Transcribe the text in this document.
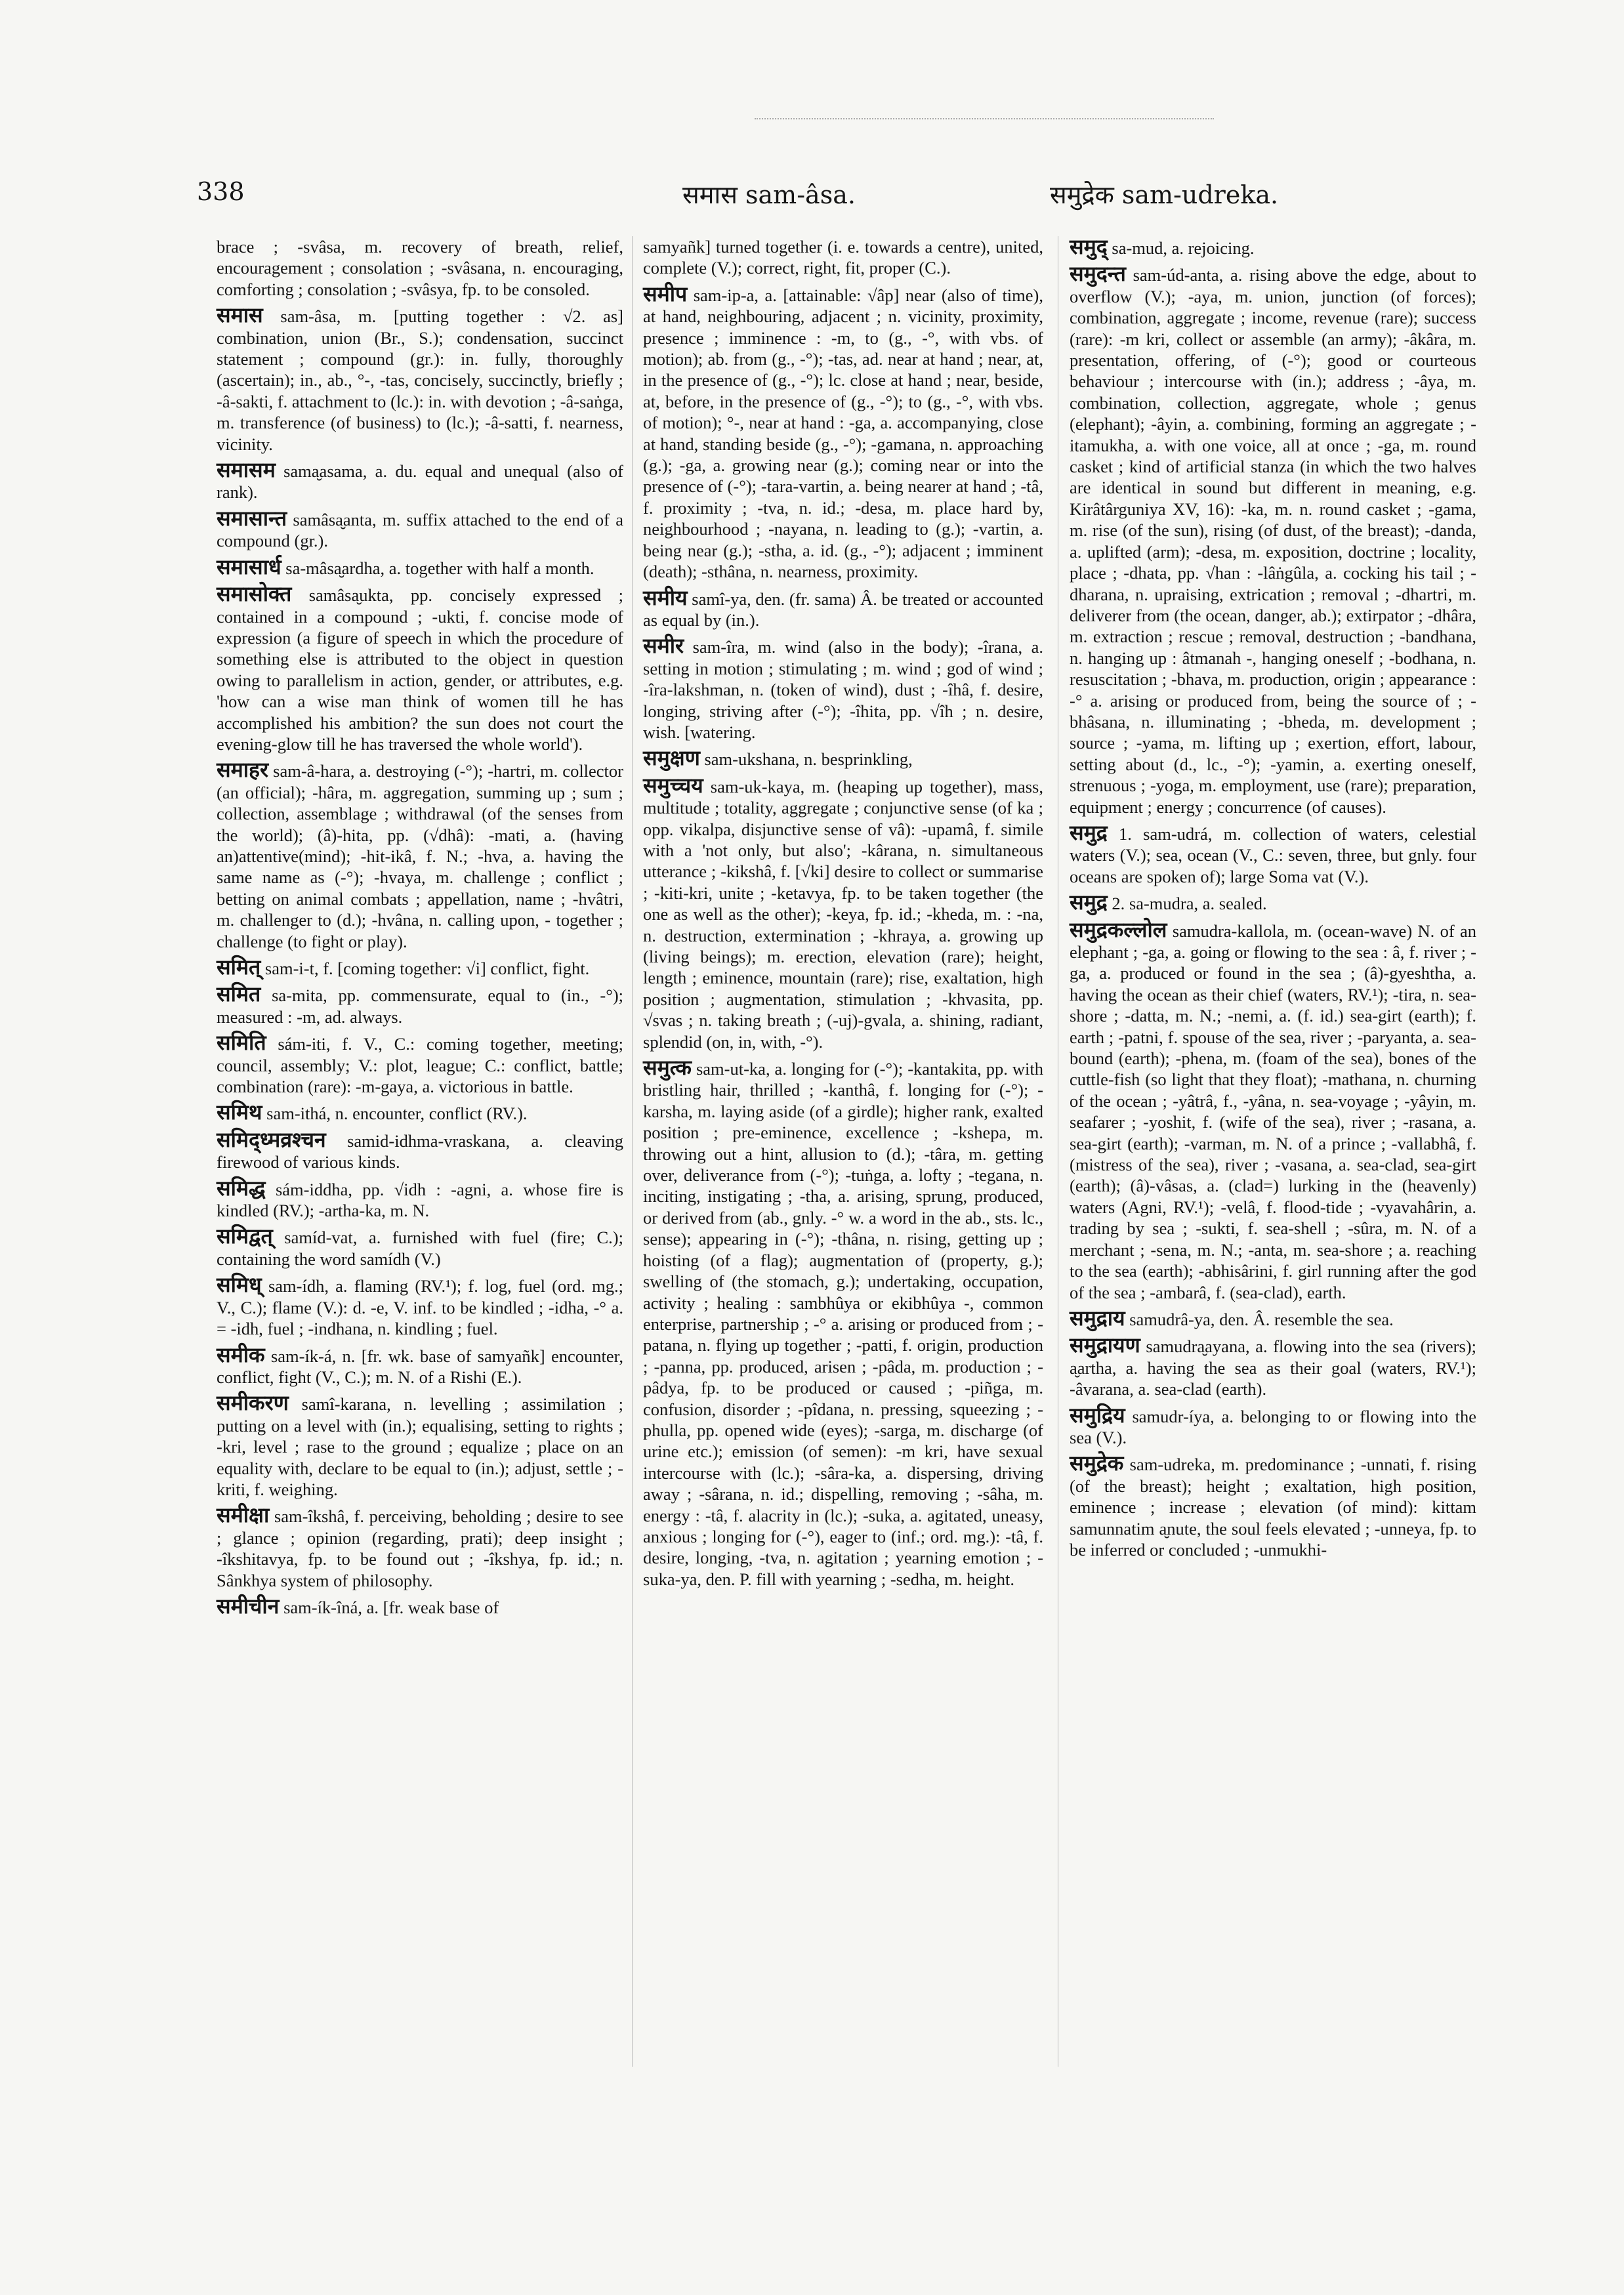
338	समास sam-âsa.	समुद्रेक sam-udreka.

brace ; -svâsa, m. recovery of breath, relief, encouragement ; consolation ; -svâsana, n. encouraging, comforting ; consolation ; -svâsya, fp. to be consoled.

समास sam-âsa, m. [putting together : √2. as] combination, union (Br., S.); condensation, succinct statement ; compound (gr.): in. fully, thoroughly (ascertain); in., ab., °-, -tas, concisely, succinctly, briefly ; -â-sakti, f. attachment to (lc.): in. with devotion ; -â-saṅga, m. transference (of business) to (lc.); -â-satti, f. nearness, vicinity.

समासम sama̮asama, a. du. equal and unequal (also of rank).

समासान्त samâsa̮anta, m. suffix attached to the end of a compound (gr.).

समासार्ध sa-mâsa̮ardha, a. together with half a month.

समासोक्त samâsa̮ukta, pp. concisely expressed ; contained in a compound ; -ukti, f. concise mode of expression (a figure of speech in which the procedure of something else is attributed to the object in question owing to parallelism in action, gender, or attributes, e.g. 'how can a wise man think of women till he has accomplished his ambition? the sun does not court the evening-glow till he has traversed the whole world').

समाहर sam-â-hara, a. destroying (-°); -hartri, m. collector (an official); -hâra, m. aggregation, summing up ; sum ; collection, assemblage ; withdrawal (of the senses from the world); (â)-hita, pp. (√dhâ): -mati, a. (having an)attentive(mind); -hit-ikâ, f. N.; -hva, a. having the same name as (-°); -hvaya, m. challenge ; conflict ; betting on animal combats ; appellation, name ; -hvâtri, m. challenger to (d.); -hvâna, n. calling upon, - together ; challenge (to fight or play).

समित् sam-i-t, f. [coming together: √i] conflict, fight.

समित sa-mita, pp. commensurate, equal to (in., -°); measured : -m, ad. always.

समिति sám-iti, f. V., C.: coming together, meeting; council, assembly; V.: plot, league; C.: conflict, battle; combination (rare): -m-gaya, a. victorious in battle.

समिथ sam-ithá, n. encounter, conflict (RV.).

समिद्ध्मव्रश्चन samid-idhma-vraskana, a. cleaving firewood of various kinds.

समिद्ध sám-iddha, pp. √idh : -agni, a. whose fire is kindled (RV.); -artha-ka, m. N.

समिद्वत् samíd-vat, a. furnished with fuel (fire; C.); containing the word samídh (V.)

समिध् sam-ídh, a. flaming (RV.¹); f. log, fuel (ord. mg.; V., C.); flame (V.): d. -e, V. inf. to be kindled ; -idha, -° a. = -idh, fuel ; -indhana, n. kindling ; fuel.

समीक sam-ík-á, n. [fr. wk. base of samyañk] encounter, conflict, fight (V., C.); m. N. of a Rishi (E.).

समीकरण samî-karana, n. levelling ; assimilation ; putting on a level with (in.); equalising, setting to rights ; -kri, level ; rase to the ground ; equalize ; place on an equality with, declare to be equal to (in.); adjust, settle ; -kriti, f. weighing.

समीक्षा sam-îkshâ, f. perceiving, beholding ; desire to see ; glance ; opinion (regarding, prati); deep insight ; -îkshitavya, fp. to be found out ; -îkshya, fp. id.; n. Sânkhya system of philosophy.

समीचीन sam-ík-îná, a. [fr. weak base of

samyañk] turned together (i. e. towards a centre), united, complete (V.); correct, right, fit, proper (C.).

समीप sam-ip-a, a. [attainable: √âp] near (also of time), at hand, neighbouring, adjacent ; n. vicinity, proximity, presence ; imminence : -m, to (g., -°, with vbs. of motion); ab. from (g., -°); -tas, ad. near at hand ; near, at, in the presence of (g., -°); lc. close at hand ; near, beside, at, before, in the presence of (g., -°); to (g., -°, with vbs. of motion); °-, near at hand : -ga, a. accompanying, close at hand, standing beside (g., -°); -gamana, n. approaching (g.); -ga, a. growing near (g.); coming near or into the presence of (-°); -tara-vartin, a. being nearer at hand ; -tâ, f. proximity ; -tva, n. id.; -desa, m. place hard by, neighbourhood ; -nayana, n. leading to (g.); -vartin, a. being near (g.); -stha, a. id. (g., -°); adjacent ; imminent (death); -sthâna, n. nearness, proximity.

समीय samî-ya, den. (fr. sama) Â. be treated or accounted as equal by (in.).

समीर sam-îra, m. wind (also in the body); -îrana, a. setting in motion ; stimulating ; m. wind ; god of wind ; -îra-lakshman, n. (token of wind), dust ; -îhâ, f. desire, longing, striving after (-°); -îhita, pp. √îh ; n. desire, wish. [watering.

समुक्षण sam-ukshana, n. besprinkling,

समुच्चय sam-uk-kaya, m. (heaping up together), mass, multitude ; totality, aggregate ; conjunctive sense (of ka ; opp. vikalpa, disjunctive sense of vâ): -upamâ, f. simile with a 'not only, but also'; -kârana, n. simultaneous utterance ; -kikshâ, f. [√ki] desire to collect or summarise ; -kiti-kri, unite ; -ketavya, fp. to be taken together (the one as well as the other); -keya, fp. id.; -kheda, m. : -na, n. destruction, extermination ; -khraya, a. growing up (living beings); m. erection, elevation (rare); height, length ; eminence, mountain (rare); rise, exaltation, high position ; augmentation, stimulation ; -khvasita, pp. √svas ; n. taking breath ; (-uj)-gvala, a. shining, radiant, splendid (on, in, with, -°).

समुत्क sam-ut-ka, a. longing for (-°); -kantakita, pp. with bristling hair, thrilled ; -kanthâ, f. longing for (-°); -karsha, m. laying aside (of a girdle); higher rank, exalted position ; pre-eminence, excellence ; -kshepa, m. throwing out a hint, allusion to (d.); -târa, m. getting over, deliverance from (-°); -tuṅga, a. lofty ; -tegana, n. inciting, instigating ; -tha, a. arising, sprung, produced, or derived from (ab., gnly. -° w. a word in the ab., sts. lc., sense); appearing in (-°); -thâna, n. rising, getting up ; hoisting (of a flag); augmentation of (property, g.); swelling of (the stomach, g.); undertaking, occupation, activity ; healing : sambhûya or ekibhûya -, common enterprise, partnership ; -° a. arising or produced from ; -patana, n. flying up together ; -patti, f. origin, production ; -panna, pp. produced, arisen ; -pâda, m. production ; -pâdya, fp. to be produced or caused ; -piñga, m. confusion, disorder ; -pîdana, n. pressing, squeezing ; -phulla, pp. opened wide (eyes); -sarga, m. discharge (of urine etc.); emission (of semen): -m kri, have sexual intercourse with (lc.); -sâra-ka, a. dispersing, driving away ; -sârana, n. id.; dispelling, removing ; -sâha, m. energy : -tâ, f. alacrity in (lc.); -suka, a. agitated, uneasy, anxious ; longing for (-°), eager to (inf.; ord. mg.): -tâ, f. desire, longing, -tva, n. agitation ; yearning emotion ; -suka-ya, den. P. fill with yearning ; -sedha, m. height.

समुद् sa-mud, a. rejoicing.

समुदन्त sam-úd-anta, a. rising above the edge, about to overflow (V.); -aya, m. union, junction (of forces); combination, aggregate ; income, revenue (rare); success (rare): -m kri, collect or assemble (an army); -âkâra, m. presentation, offering, of (-°); good or courteous behaviour ; intercourse with (in.); address ; -âya, m. combination, collection, aggregate, whole ; genus (elephant); -âyin, a. combining, forming an aggregate ; -itamukha, a. with one voice, all at once ; -ga, m. round casket ; kind of artificial stanza (in which the two halves are identical in sound but different in meaning, e.g. Kirâtârguniya XV, 16): -ka, m. n. round casket ; -gama, m. rise (of the sun), rising (of dust, of the breast); -danda, a. uplifted (arm); -desa, m. exposition, doctrine ; locality, place ; -dhata, pp. √han : -lâṅgûla, a. cocking his tail ; -dharana, n. upraising, extrication ; removal ; -dhartri, m. deliverer from (the ocean, danger, ab.); extirpator ; -dhâra, m. extraction ; rescue ; removal, destruction ; -bandhana, n. hanging up : âtmanah -, hanging oneself ; -bodhana, n. resuscitation ; -bhava, m. production, origin ; appearance : -° a. arising or produced from, being the source of ; -bhâsana, n. illuminating ; -bheda, m. development ; source ; -yama, m. lifting up ; exertion, effort, labour, setting about (d., lc., -°); -yamin, a. exerting oneself, strenuous ; -yoga, m. employment, use (rare); preparation, equipment ; energy ; concurrence (of causes).

समुद्र 1. sam-udrá, m. collection of waters, celestial waters (V.); sea, ocean (V., C.: seven, three, but gnly. four oceans are spoken of); large Soma vat (V.).

समुद्र 2. sa-mudra, a. sealed.

समुद्रकल्लोल samudra-kallola, m. (ocean-wave) N. of an elephant ; -ga, a. going or flowing to the sea : â, f. river ; -ga, a. produced or found in the sea ; (â)-gyeshtha, a. having the ocean as their chief (waters, RV.¹); -tira, n. sea-shore ; -datta, m. N.; -nemi, a. (f. id.) sea-girt (earth); f. earth ; -patni, f. spouse of the sea, river ; -paryanta, a. sea-bound (earth); -phena, m. (foam of the sea), bones of the cuttle-fish (so light that they float); -mathana, n. churning of the ocean ; -yâtrâ, f., -yâna, n. sea-voyage ; -yâyin, m. seafarer ; -yoshit, f. (wife of the sea), river ; -rasana, a. sea-girt (earth); -varman, m. N. of a prince ; -vallabhâ, f. (mistress of the sea), river ; -vasana, a. sea-clad, sea-girt (earth); (â)-vâsas, a. (clad=) lurking in the (heavenly) waters (Agni, RV.¹); -velâ, f. flood-tide ; -vyavahârin, a. trading by sea ; -sukti, f. sea-shell ; -sûra, m. N. of a merchant ; -sena, m. N.; -anta, m. sea-shore ; a. reaching to the sea (earth); -abhisârini, f. girl running after the god of the sea ; -ambarâ, f. (sea-clad), earth.

समुद्राय samudrâ-ya, den. Â. resemble the sea.

समुद्रायण samudra̮ayana, a. flowing into the sea (rivers); a̮artha, a. having the sea as their goal (waters, RV.¹); -âvarana, a. sea-clad (earth).

समुद्रिय samudr-íya, a. belonging to or flowing into the sea (V.).

समुद्रेक sam-udreka, m. predominance ; -unnati, f. rising (of the breast); height ; exaltation, high position, eminence ; increase ; elevation (of mind): kittam samunnatim a̮nute, the soul feels elevated ; -unneya, fp. to be inferred or concluded ; -unmukhi-
